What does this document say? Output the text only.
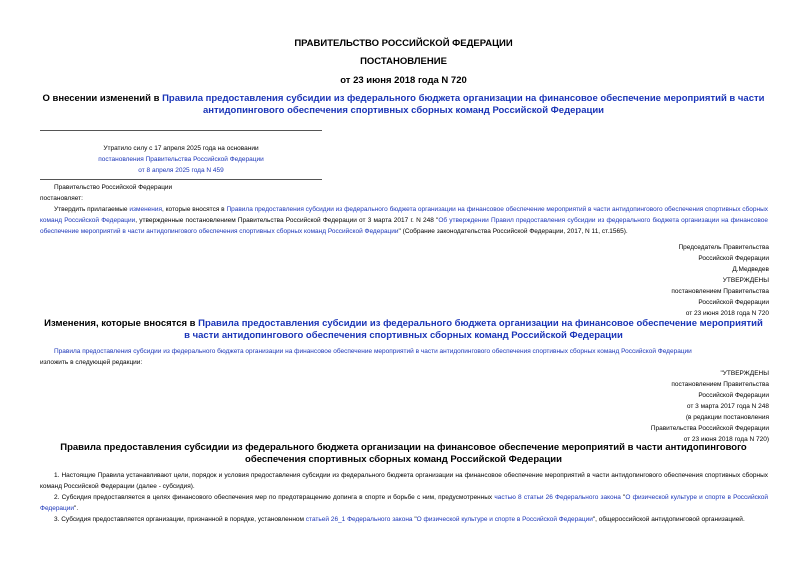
ПРАВИТЕЛЬСТВО РОССИЙСКОЙ ФЕДЕРАЦИИ
ПОСТАНОВЛЕНИЕ
от 23 июня 2018 года N 720
О внесении изменений в Правила предоставления субсидии из федерального бюджета организации на финансовое обеспечение мероприятий в части антидопингового обеспечения спортивных сборных команд Российской Федерации
Утратило силу с 17 апреля 2025 года на основании
постановления Правительства Российской Федерации
от 8 апреля 2025 года N 459
Правительство Российской Федерации
постановляет:
Утвердить прилагаемые изменения, которые вносятся в Правила предоставления субсидии из федерального бюджета организации на финансовое обеспечение мероприятий в части антидопингового обеспечения спортивных сборных команд Российской Федерации, утвержденные постановлением Правительства Российской Федерации от 3 марта 2017 г. N 248 "Об утверждении Правил предоставления субсидии из федерального бюджета организации на финансовое обеспечение мероприятий в части антидопингового обеспечения спортивных сборных команд Российской Федерации" (Собрание законодательства Российской Федерации, 2017, N 11, ст.1565).
Председатель Правительства
Российской Федерации
Д.Медведев
УТВЕРЖДЕНЫ
постановлением Правительства
Российской Федерации
от 23 июня 2018 года N 720
Изменения, которые вносятся в Правила предоставления субсидии из федерального бюджета организации на финансовое обеспечение мероприятий в части антидопингового обеспечения спортивных сборных команд Российской Федерации
Правила предоставления субсидии из федерального бюджета организации на финансовое обеспечение мероприятий в части антидопингового обеспечения спортивных сборных команд Российской Федерации
изложить в следующей редакции:
"УТВЕРЖДЕНЫ
постановлением Правительства
Российской Федерации
от 3 марта 2017 года N 248
(в редакции постановления
Правительства Российской Федерации
от 23 июня 2018 года N 720)
Правила предоставления субсидии из федерального бюджета организации на финансовое обеспечение мероприятий в части антидопингового обеспечения спортивных сборных команд Российской Федерации
1. Настоящие Правила устанавливают цели, порядок и условия предоставления субсидии из федерального бюджета организации на финансовое обеспечение мероприятий в части антидопингового обеспечения спортивных сборных команд Российской Федерации (далее - субсидия).
2. Субсидия предоставляется в целях финансового обеспечения мер по предотвращению допинга в спорте и борьбе с ним, предусмотренных частью 8 статьи 26 Федерального закона "О физической культуре и спорте в Российской Федерации".
3. Субсидия предоставляется организации, признанной в порядке, установленном статьей 26_1 Федерального закона "О физической культуре и спорте в Российской Федерации", общероссийской антидопинговой организацией.
